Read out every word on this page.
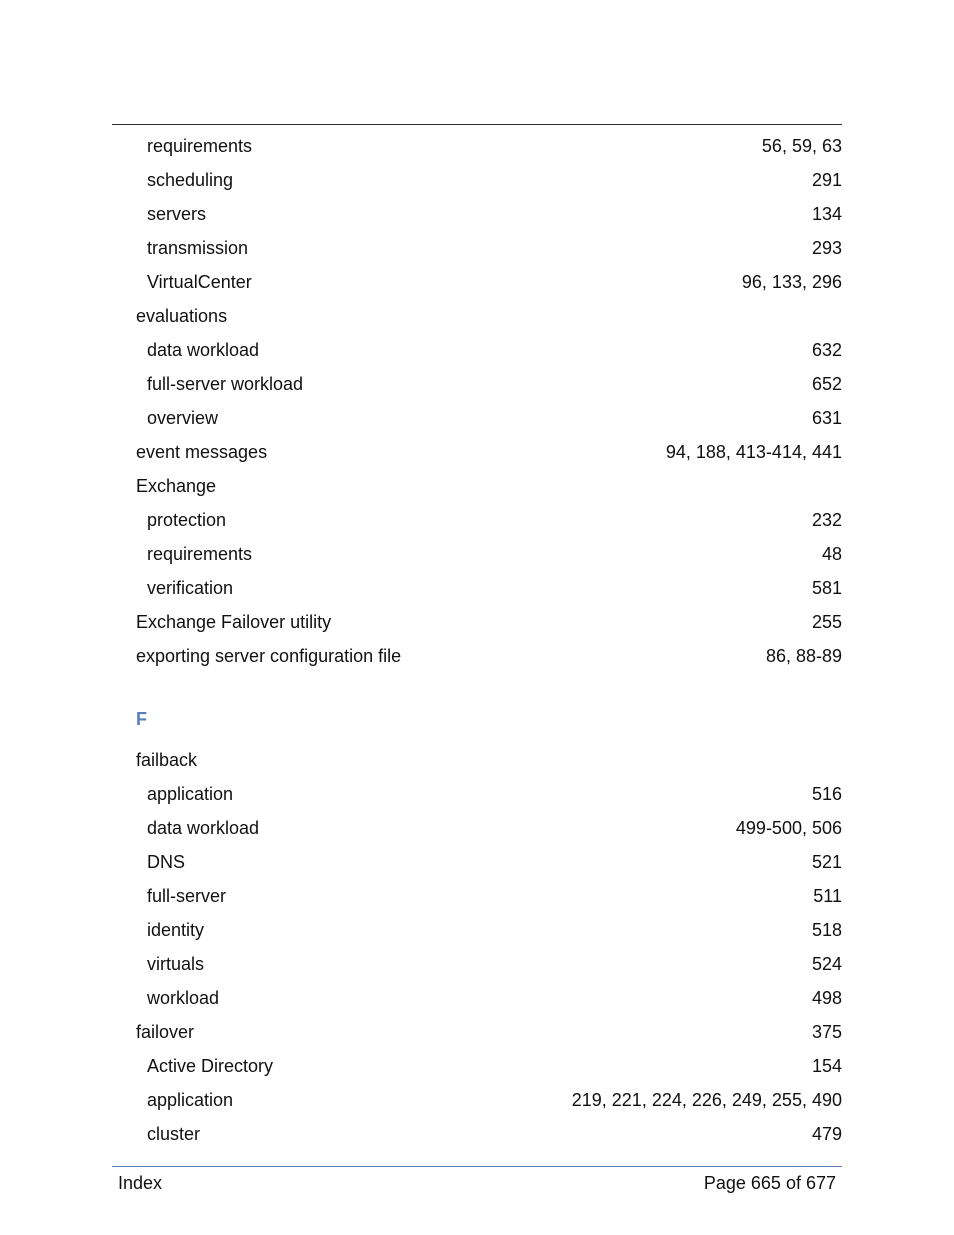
requirements	56, 59, 63
scheduling	291
servers	134
transmission	293
VirtualCenter	96, 133, 296
evaluations
data workload	632
full-server workload	652
overview	631
event messages	94, 188, 413-414, 441
Exchange
protection	232
requirements	48
verification	581
Exchange Failover utility	255
exporting server configuration file	86, 88-89
F
failback
application	516
data workload	499-500, 506
DNS	521
full-server	511
identity	518
virtuals	524
workload	498
failover	375
Active Directory	154
application	219, 221, 224, 226, 249, 255, 490
cluster	479
Index	Page 665 of 677
